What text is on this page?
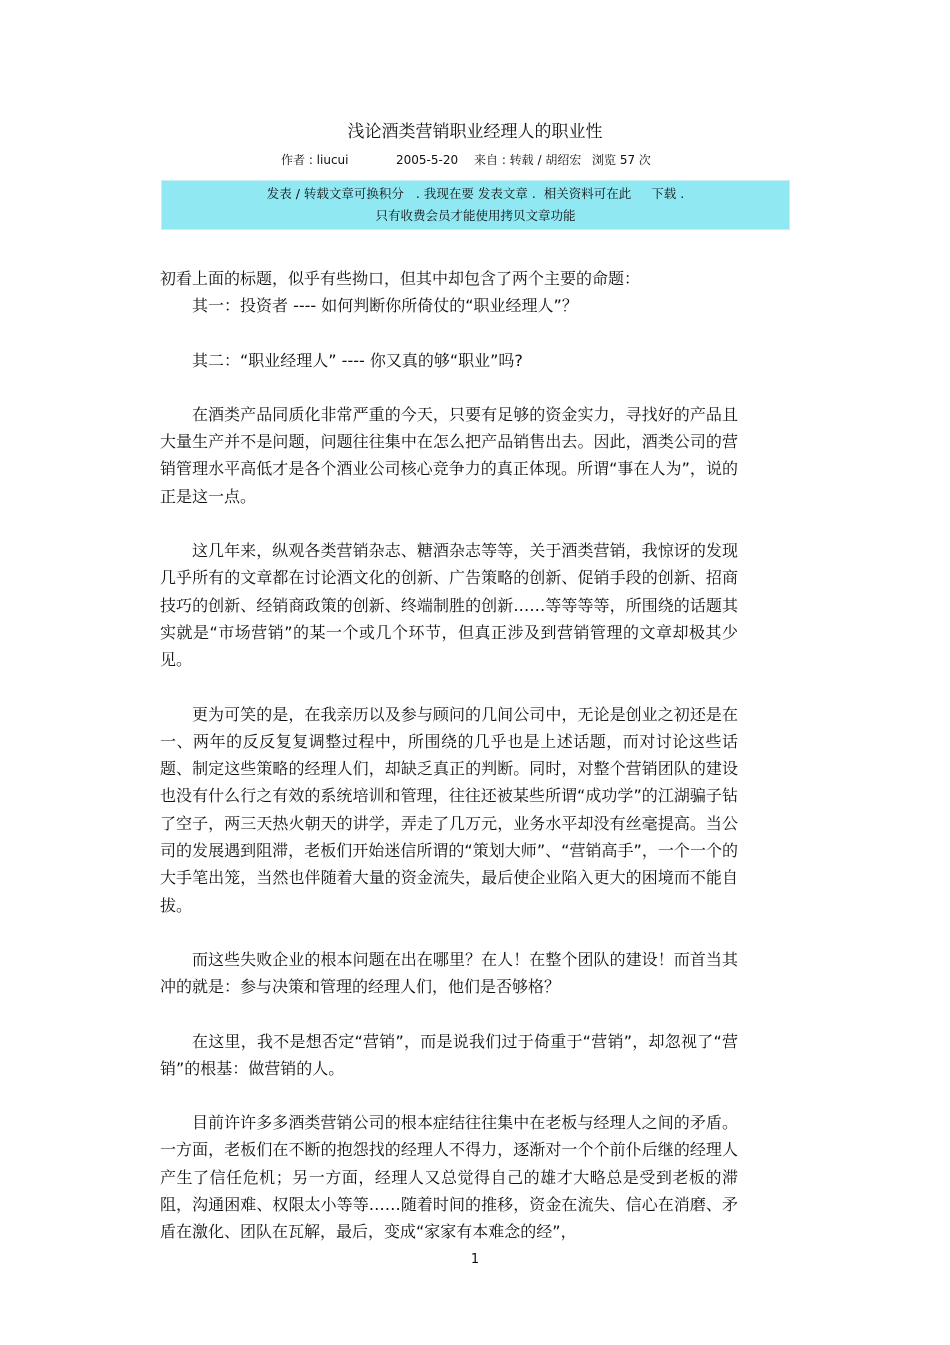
浅论酒类营销职业经理人的职业性
作者 : liucui	2005-5-20 来自 : 转载 / 胡绍宏 浏览 57 次
发表 / 转载文章可换积分 . 我现在要 发表文章 . 相关资料可在此 下载 .
只有收费会员才能使用拷贝文章功能

初看上面的标题，似乎有些拗口，但其中却包含了两个主要的命题：

其一：投资者 ---- 如何判断你所倚仗的“职业经理人”？

其二：“职业经理人” ---- 你又真的够“职业”吗?

在酒类产品同质化非常严重的今天，只要有足够的资金实力，寻找好的产品且大量生产并不是问题，问题往往集中在怎么把产品销售出去。因此，酒类公司的营销管理水平高低才是各个酒业公司核心竞争力的真正体现。所谓“事在人为”，说的正是这一点。

这几年来，纵观各类营销杂志、糖酒杂志等等，关于酒类营销，我惊讶的发现几乎所有的文章都在讨论酒文化的创新、广告策略的创新、促销手段的创新、招商技巧的创新、经销商政策的创新、终端制胜的创新……等等等等，所围绕的话题其实就是“市场营销”的某一个或几个环节，但真正涉及到营销管理的文章却极其少见。

更为可笑的是，在我亲历以及参与顾问的几间公司中，无论是创业之初还是在一、两年的反反复复调整过程中，所围绕的几乎也是上述话题，而对讨论这些话题、制定这些策略的经理人们，却缺乏真正的判断。同时，对整个营销团队的建设也没有什么行之有效的系统培训和管理，往往还被某些所谓“成功学”的江湖骗子钻了空子，两三天热火朝天的讲学，弄走了几万元，业务水平却没有丝毫提高。当公司的发展遇到阻滞，老板们开始迷信所谓的“策划大师”、“营销高手”，一个一个的大手笔出笼，当然也伴随着大量的资金流失，最后使企业陷入更大的困境而不能自拔。

而这些失败企业的根本问题在出在哪里？在人！在整个团队的建设！而首当其冲的就是：参与决策和管理的经理人们，他们是否够格？

在这里，我不是想否定“营销”，而是说我们过于倚重于“营销”，却忽视了“营销”的根基：做营销的人。

目前许许多多酒类营销公司的根本症结往往集中在老板与经理人之间的矛盾。一方面，老板们在不断的抱怨找的经理人不得力，逐渐对一个个前仆后继的经理人产生了信任危机；另一方面，经理人又总觉得自己的雄才大略总是受到老板的滞阻，沟通困难、权限太小等等……随着时间的推移，资金在流失、信心在消磨、矛盾在激化、团队在瓦解，最后，变成“家家有本难念的经”，

1
